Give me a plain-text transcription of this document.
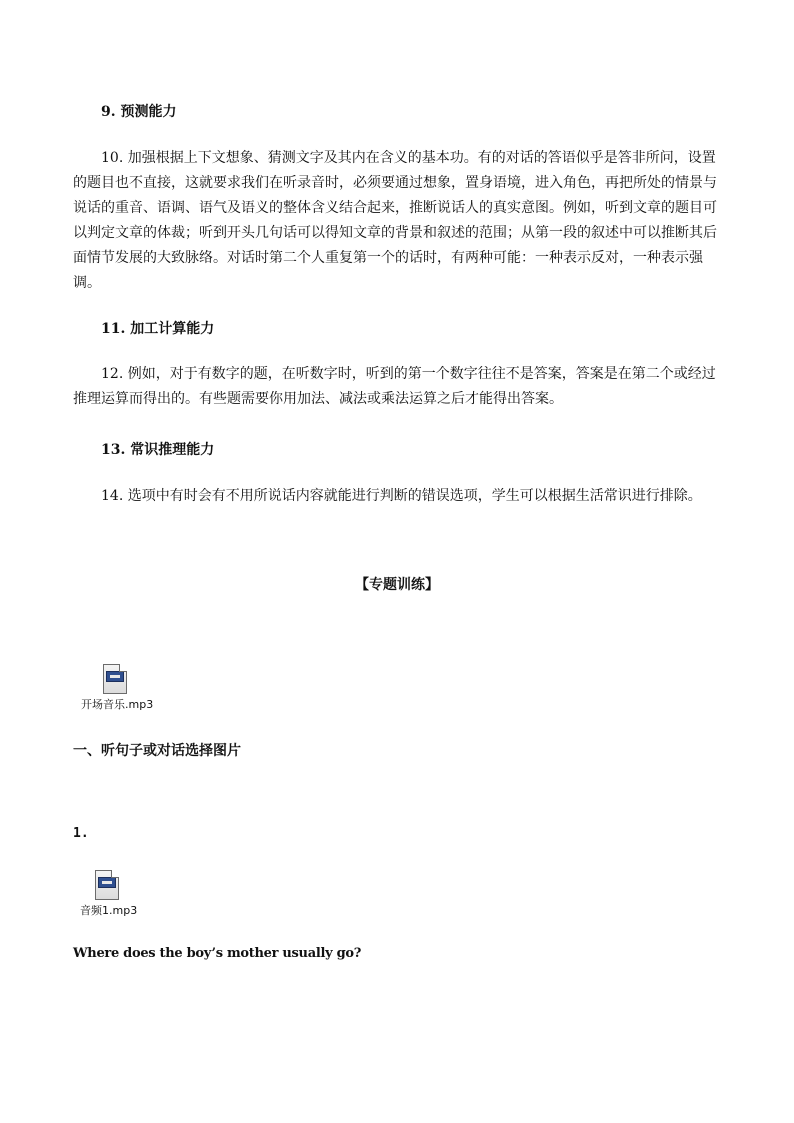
9. 预测能力

10. 加强根据上下文想象、猜测文字及其内在含义的基本功。有的对话的答语似乎是答非所问，设置的题目也不直接，这就要求我们在听录音时，必须要通过想象，置身语境，进入角色，再把所处的情景与说话的重音、语调、语气及语义的整体含义结合起来，推断说话人的真实意图。例如，听到文章的题目可以判定文章的体裁；听到开头几句话可以得知文章的背景和叙述的范围；从第一段的叙述中可以推断其后面情节发展的大致脉络。对话时第二个人重复第一个的话时，有两种可能：一种表示反对，一种表示强调。

11. 加工计算能力

12. 例如，对于有数字的题，在听数字时，听到的第一个数字往往不是答案，答案是在第二个或经过推理运算而得出的。有些题需要你用加法、减法或乘法运算之后才能得出答案。

13. 常识推理能力

14. 选项中有时会有不用所说话内容就能进行判断的错误选项，学生可以根据生活常识进行排除。

【专题训练】
开场音乐.mp3
一、听句子或对话选择图片
1.
音频1.mp3
Where does the boy’s mother usually go?
